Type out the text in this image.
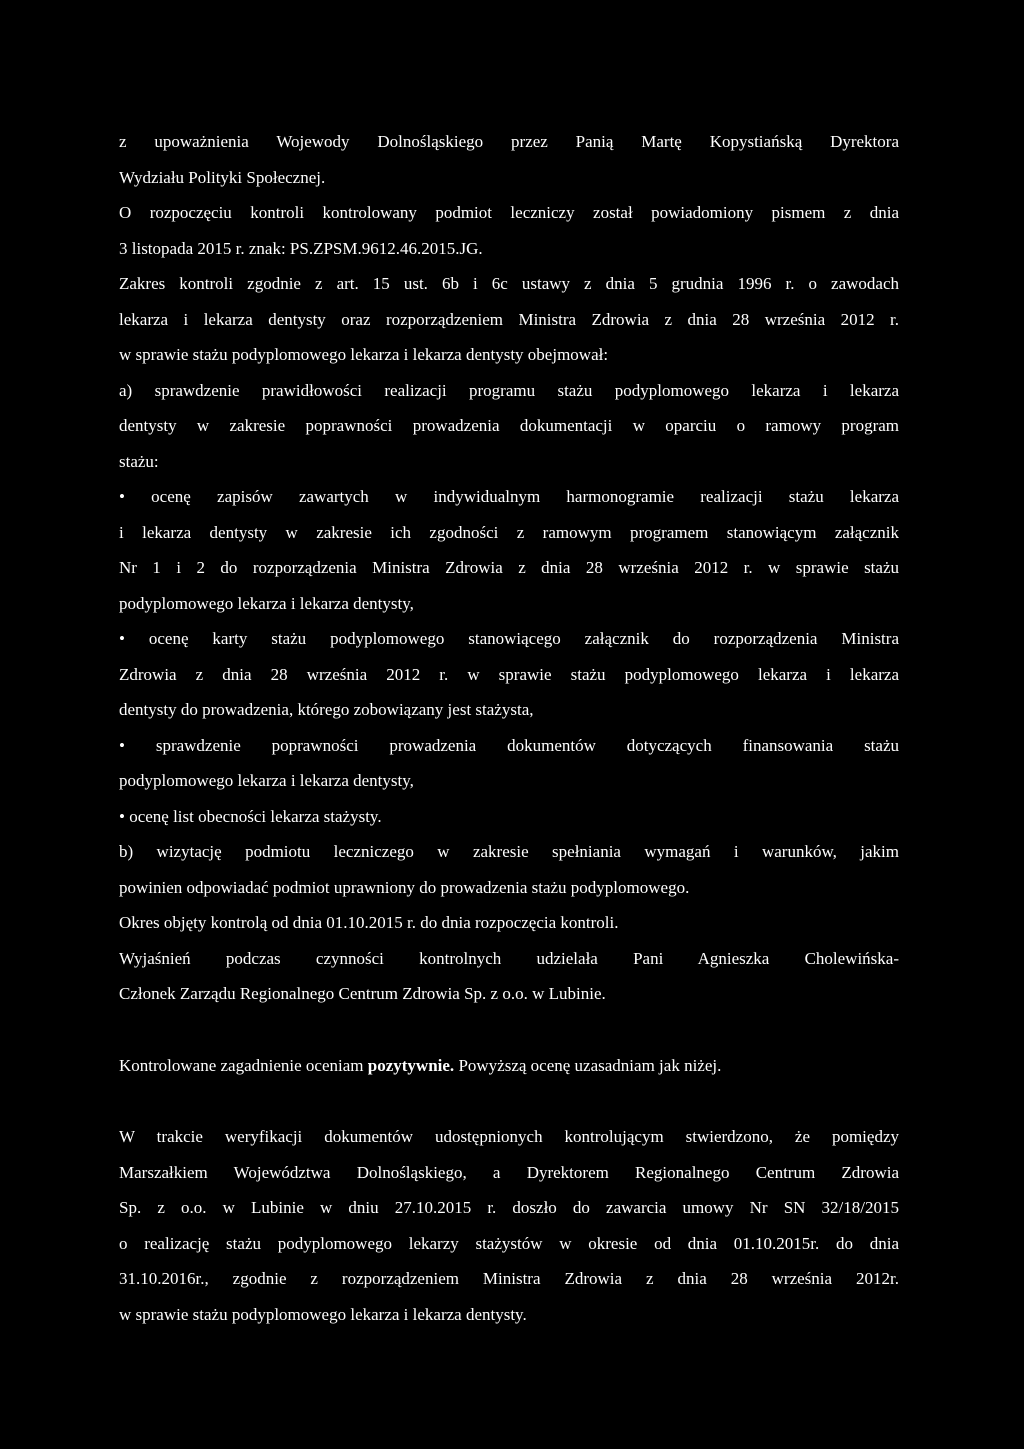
z upoważnienia Wojewody Dolnośląskiego przez Panią Martę Kopystiańską Dyrektora
Wydziału Polityki Społecznej.
O rozpoczęciu kontroli kontrolowany podmiot leczniczy został powiadomiony pismem z dnia
3 listopada 2015 r. znak: PS.ZPSM.9612.46.2015.JG.
Zakres kontroli zgodnie z art. 15 ust. 6b i 6c ustawy z dnia 5 grudnia 1996 r. o zawodach
lekarza i lekarza dentysty oraz rozporządzeniem Ministra Zdrowia z dnia 28 września 2012 r.
w sprawie stażu podyplomowego lekarza i lekarza dentysty obejmował:
a) sprawdzenie prawidłowości realizacji programu stażu podyplomowego lekarza i lekarza
dentysty w zakresie poprawności prowadzenia dokumentacji w oparciu o ramowy program
stażu:
• ocenę zapisów zawartych w indywidualnym harmonogramie realizacji stażu lekarza
i lekarza dentysty w zakresie ich zgodności z ramowym programem stanowiącym załącznik
Nr 1 i 2 do rozporządzenia Ministra Zdrowia z dnia 28 września 2012 r. w sprawie stażu
podyplomowego lekarza i lekarza dentysty,
• ocenę karty stażu podyplomowego stanowiącego załącznik do rozporządzenia Ministra
Zdrowia z dnia 28 września 2012 r. w sprawie stażu podyplomowego lekarza i lekarza
dentysty do prowadzenia, którego zobowiązany jest stażysta,
• sprawdzenie poprawności prowadzenia dokumentów dotyczących finansowania stażu
podyplomowego lekarza i lekarza dentysty,
• ocenę list obecności lekarza stażysty.
b) wizytację podmiotu leczniczego w zakresie spełniania wymagań i warunków, jakim
powinien odpowiadać podmiot uprawniony do prowadzenia stażu podyplomowego.
Okres objęty kontrolą od dnia 01.10.2015 r. do dnia rozpoczęcia kontroli.
Wyjaśnień podczas czynności kontrolnych udzielała Pani Agnieszka Cholewińska-
Członek Zarządu Regionalnego Centrum Zdrowia Sp. z o.o. w Lubinie.
Kontrolowane zagadnienie oceniam pozytywnie. Powyższą ocenę uzasadniam jak niżej.
W trakcie weryfikacji dokumentów udostępnionych kontrolującym stwierdzono, że pomiędzy
Marszałkiem Województwa Dolnośląskiego, a Dyrektorem Regionalnego Centrum Zdrowia
Sp. z o.o. w Lubinie w dniu 27.10.2015 r. doszło do zawarcia umowy Nr SN 32/18/2015
o realizację stażu podyplomowego lekarzy stażystów w okresie od dnia 01.10.2015r. do dnia
31.10.2016r., zgodnie z rozporządzeniem Ministra Zdrowia z dnia 28 września 2012r.
w sprawie stażu podyplomowego lekarza i lekarza dentysty.
